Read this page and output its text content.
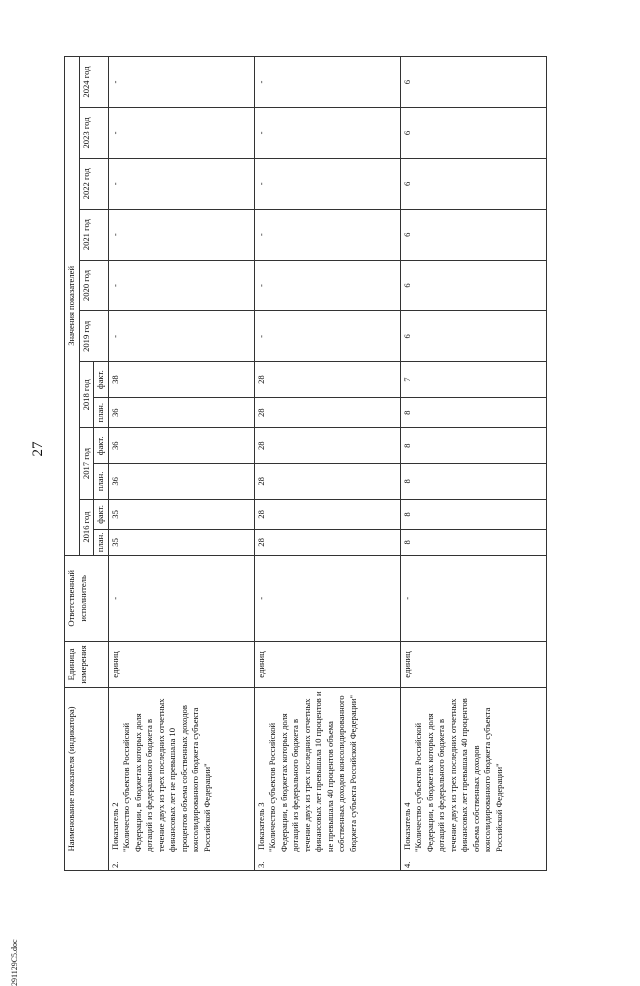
27
291129C5.doc
Наименование показателя (индикатора)	Единица измерения	Ответственный исполнитель	Значения показателей												
			2016 год		2017 год		2018 год		2019 год	2020 год	2021 год	2022 год	2023 год	2024 год	
			план.	факт.	план.	факт.	план.	факт.							
2.Показатель 2 "Количество субъектов Российской Федерации, в бюджетах которых доля дотаций из федерального бюджета в течение двух из трех последних отчетных финансовых лет не превышала 10 процентов объема собственных доходов консолидированного бюджета субъекта Российской Федерации"	единиц	-	35	35	36	36	36	38	-	-	-	-	-	-	
3.Показатель 3 "Количество субъектов Российской Федерации, в бюджетах которых доля дотаций из федерального бюджета в течение двух из трех последних отчетных финансовых лет превышала 10 процентов и не превышала 40 процентов объема собственных доходов консолидированного бюджета субъекта Российской Федерации"	единиц	-	28	28	28	28	28	28	-	-	-	-	-	-	
4.Показатель 4 "Количество субъектов Российской Федерации, в бюджетах которых доля дотаций из федерального бюджета в течение двух из трех последних отчетных финансовых лет превышала 40 процентов объема собственных доходов консолидированного бюджета субъекта Российской Федерации"	единиц	-	8	8	8	8	8	7	6	6	6	6	6	6	
